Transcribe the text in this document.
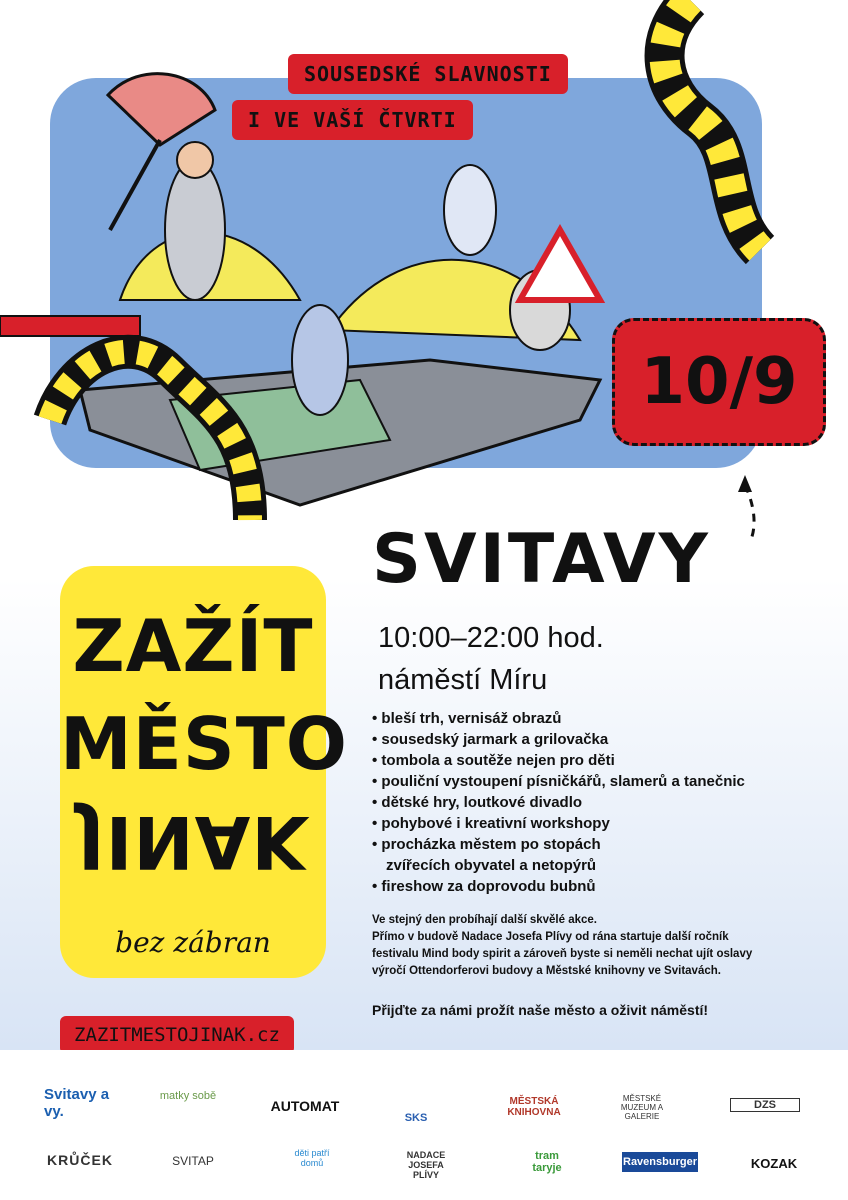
SOUSEDSKÉ SLAVNOSTI
I VE VAŠÍ ČTVRTI
10/9
SVITAVY
10:00–22:00 hod.
náměstí Míru
• bleší trh, vernisáž obrazů
• sousedský jarmark a grilovačka
• tombola a soutěže nejen pro děti
• pouliční vystoupení písničkářů, slamerů a tanečnic
• dětské hry, loutkové divadlo
• pohybové i kreativní workshopy
• procházka městem po stopách
zvířecích obyvatel a netopýrů
• fireshow za doprovodu bubnů

Ve stejný den probíhají další skvělé akce.

Přímo v budově Nadace Josefa Plívy od rána startuje další ročník

festivalu Mind body spirit a zároveň byste si neměli nechat ujít oslavy

výročí Ottendorferovi budovy a Městské knihovny ve Svitavách.

Přijďte za námi prožít naše město a oživit náměstí!
ZAŽÍT
MĚSTO
JINAK
bez zábran
ZAZITMESTOJINAK.cz
Svitavy a vy.
matky sobě
AUTOMAT
SKS
MĚSTSKÁ KNIHOVNA
MĚSTSKÉ MUZEUM A GALERIE
DZS
KRŮČEK	SVITAP
děti patří domů
NADACE JOSEFA PLÍVY
tram taryje	Ravensburger	KOZAK
